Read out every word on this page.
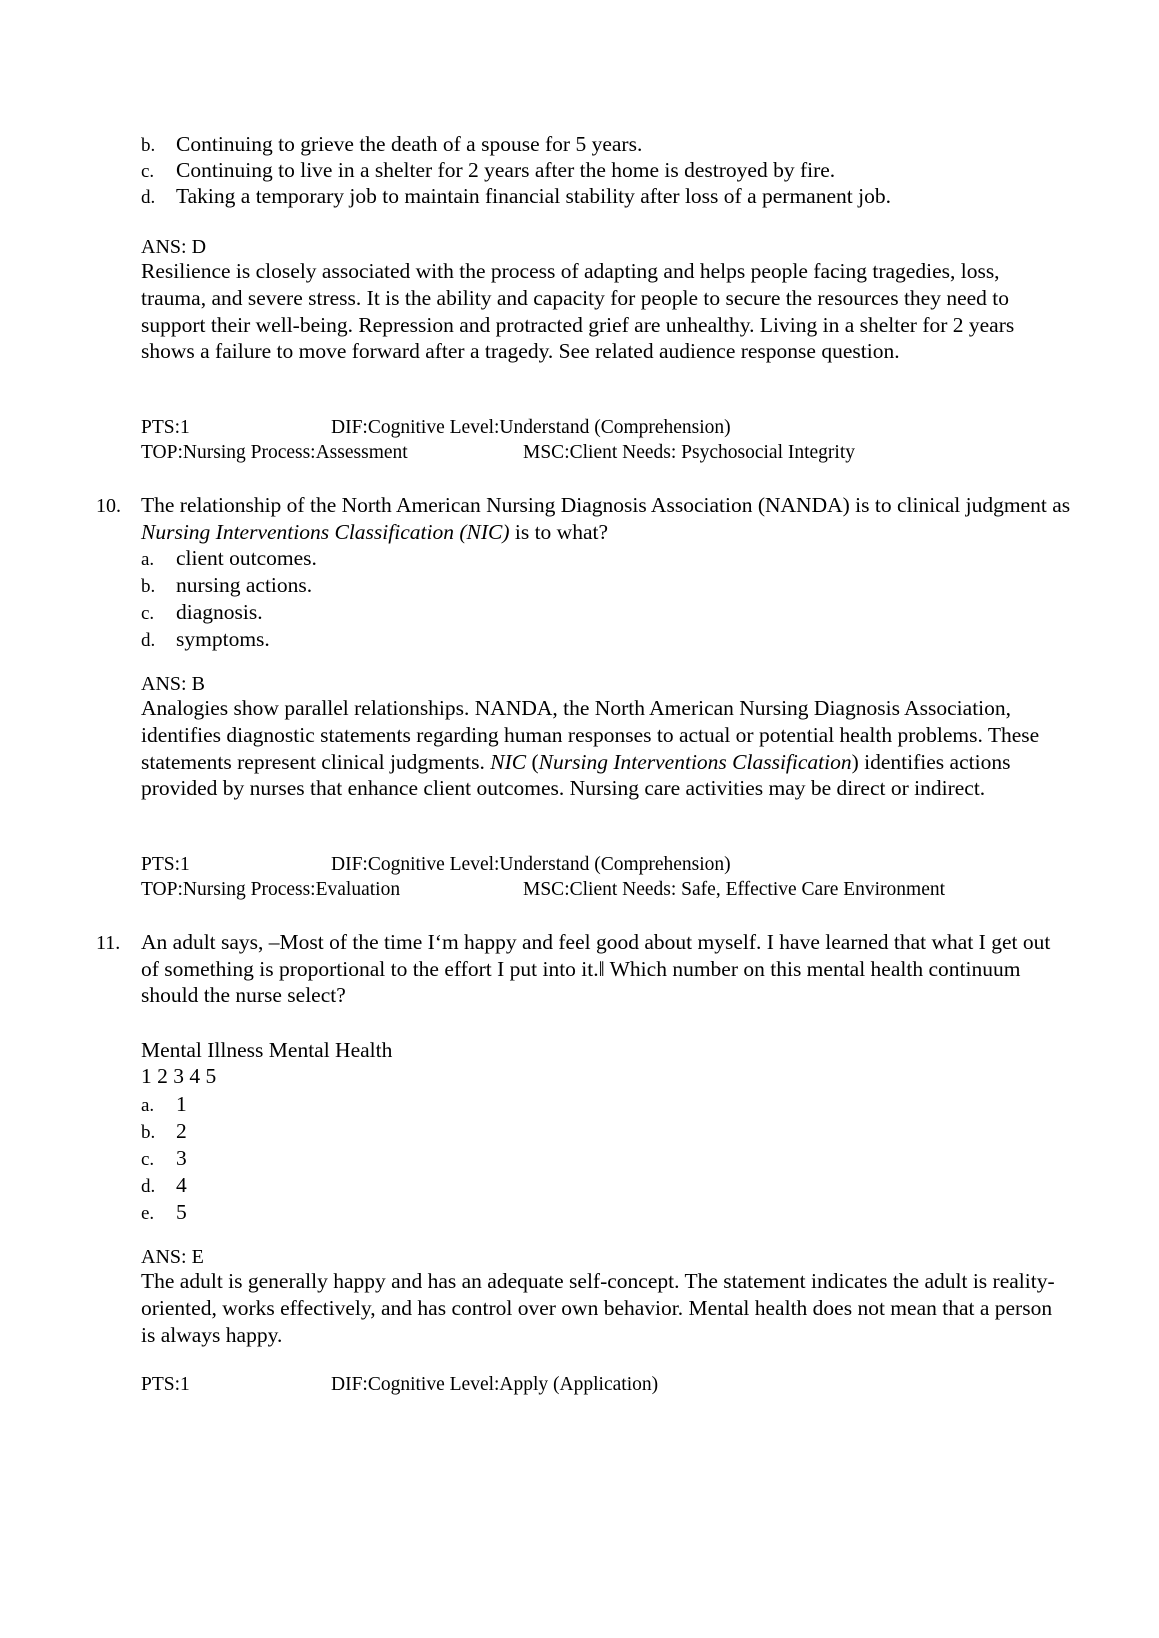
b. Continuing to grieve the death of a spouse for 5 years.
c. Continuing to live in a shelter for 2 years after the home is destroyed by fire.
d. Taking a temporary job to maintain financial stability after loss of a permanent job.
ANS: D
Resilience is closely associated with the process of adapting and helps people facing tragedies, loss, trauma, and severe stress. It is the ability and capacity for people to secure the resources they need to support their well-being. Repression and protracted grief are unhealthy. Living in a shelter for 2 years shows a failure to move forward after a tragedy. See related audience response question.
PTS:1	DIF:Cognitive Level:Understand (Comprehension)
TOP:Nursing Process:Assessment	MSC:Client Needs: Psychosocial Integrity
10. The relationship of the North American Nursing Diagnosis Association (NANDA) is to clinical judgment as Nursing Interventions Classification (NIC) is to what?
a. client outcomes.
b. nursing actions.
c. diagnosis.
d. symptoms.
ANS: B
Analogies show parallel relationships. NANDA, the North American Nursing Diagnosis Association, identifies diagnostic statements regarding human responses to actual or potential health problems. These statements represent clinical judgments. NIC (Nursing Interventions Classification) identifies actions provided by nurses that enhance client outcomes. Nursing care activities may be direct or indirect.
PTS:1	DIF:Cognitive Level:Understand (Comprehension)
TOP:Nursing Process:Evaluation	MSC:Client Needs: Safe, Effective Care Environment
11. An adult says, –Most of the time I‘m happy and feel good about myself. I have learned that what I get out of something is proportional to the effort I put into it.‖ Which number on this mental health continuum should the nurse select?
Mental Illness Mental Health
1 2 3 4 5
a. 1
b. 2
c. 3
d. 4
e. 5
ANS: E
The adult is generally happy and has an adequate self-concept. The statement indicates the adult is reality-oriented, works effectively, and has control over own behavior. Mental health does not mean that a person is always happy.
PTS:1	DIF:Cognitive Level:Apply (Application)
